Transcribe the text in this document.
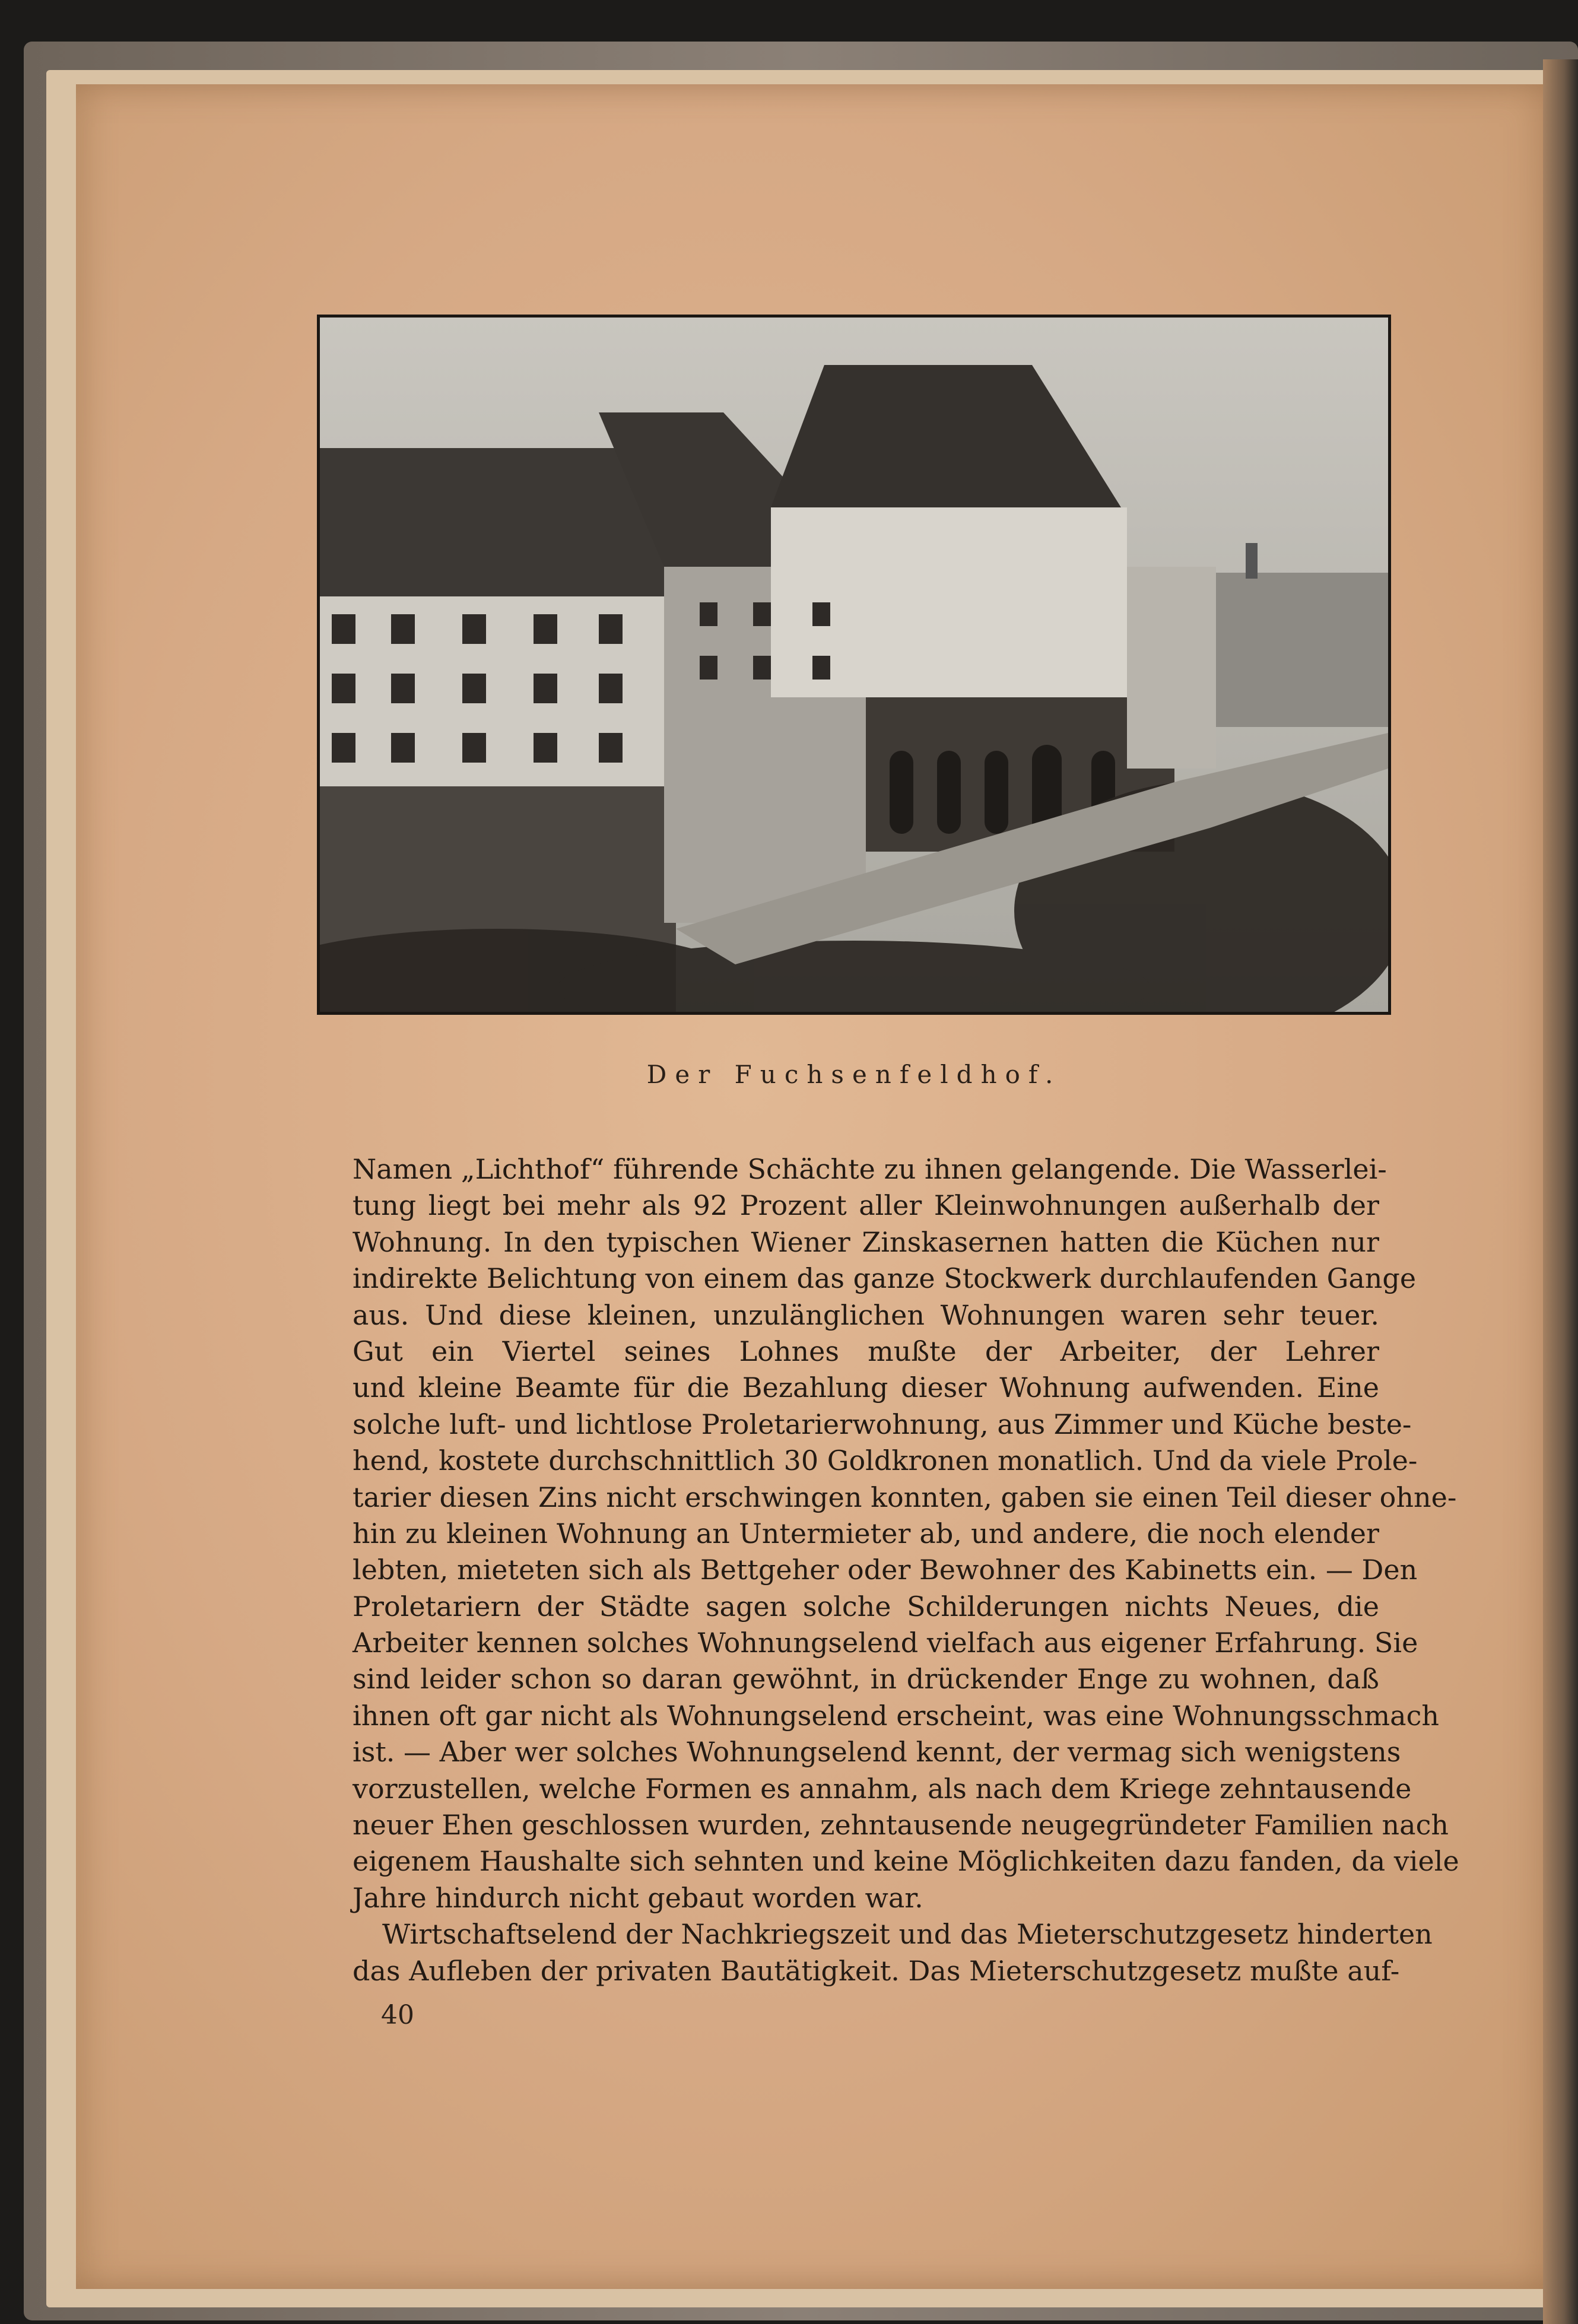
Der Fuchsenfeldhof.
Namen „Lichthof“ führende Schächte zu ihnen gelangende. Die Wasserlei-
tung liegt bei mehr als 92 Prozent aller Kleinwohnungen außerhalb der
Wohnung. In den typischen Wiener Zinskasernen hatten die Küchen nur
indirekte Belichtung von einem das ganze Stockwerk durchlaufenden Gange
aus. Und diese kleinen, unzulänglichen Wohnungen waren sehr teuer.
Gut ein Viertel seines Lohnes mußte der Arbeiter, der Lehrer
und kleine Beamte für die Bezahlung dieser Wohnung aufwenden. Eine
solche luft- und lichtlose Proletarierwohnung, aus Zimmer und Küche beste-
hend, kostete durchschnittlich 30 Goldkronen monatlich. Und da viele Prole-
tarier diesen Zins nicht erschwingen konnten, gaben sie einen Teil dieser ohne-
hin zu kleinen Wohnung an Untermieter ab, und andere, die noch elender
lebten, mieteten sich als Bettgeher oder Bewohner des Kabinetts ein. — Den
Proletariern der Städte sagen solche Schilderungen nichts Neues, die
Arbeiter kennen solches Wohnungselend vielfach aus eigener Erfahrung. Sie
sind leider schon so daran gewöhnt, in drückender Enge zu wohnen, daß
ihnen oft gar nicht als Wohnungselend erscheint, was eine Wohnungsschmach
ist. — Aber wer solches Wohnungselend kennt, der vermag sich wenigstens
vorzustellen, welche Formen es annahm, als nach dem Kriege zehntausende
neuer Ehen geschlossen wurden, zehntausende neugegründeter Familien nach
eigenem Haushalte sich sehnten und keine Möglichkeiten dazu fanden, da viele
Jahre hindurch nicht gebaut worden war.
Wirtschaftselend der Nachkriegszeit und das Mieterschutzgesetz hinderten
das Aufleben der privaten Bautätigkeit. Das Mieterschutzgesetz mußte auf-
40
